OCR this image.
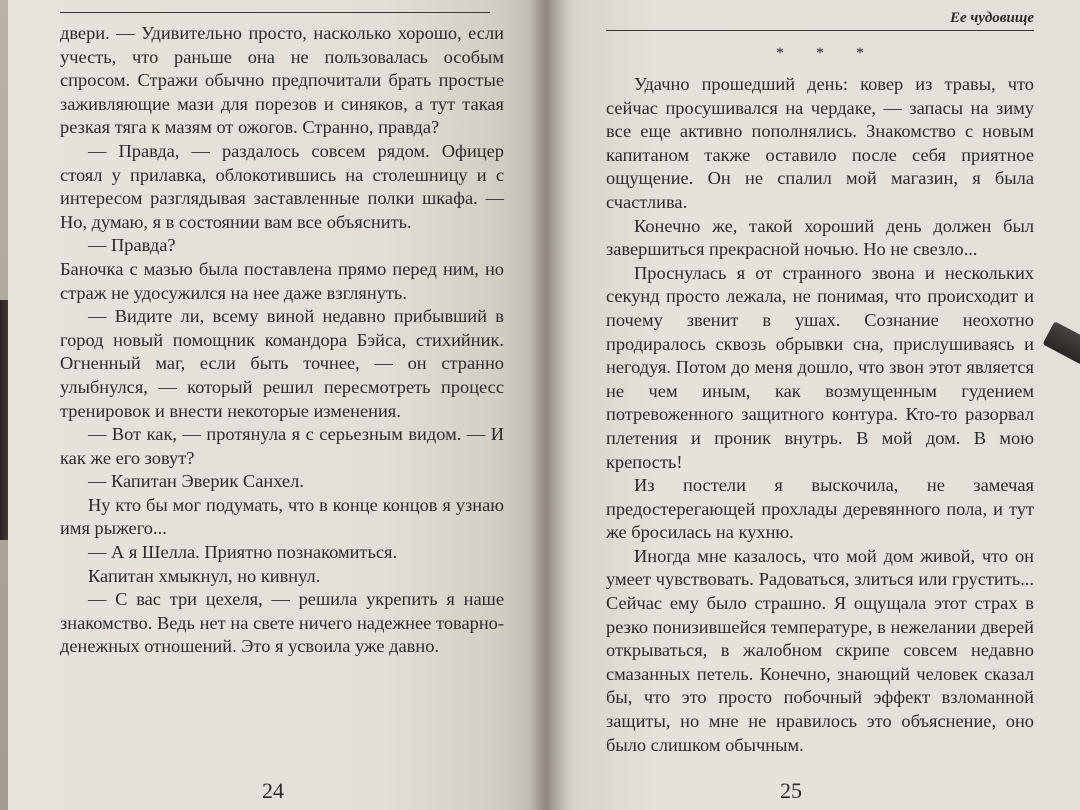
двери. — Удивительно просто, насколько хорошо, если учесть, что раньше она не пользовалась особым спросом. Стражи обычно предпочитали брать простые заживляющие мази для порезов и синяков, а тут такая резкая тяга к мазям от ожогов. Странно, правда?

— Правда, — раздалось совсем рядом. Офицер стоял у прилавка, облокотившись на столешницу и с интересом разглядывая заставленные полки шкафа. — Но, думаю, я в состоянии вам все объяснить.

— Правда?

Баночка с мазью была поставлена прямо перед ним, но страж не удосужился на нее даже взглянуть.

— Видите ли, всему виной недавно прибывший в город новый помощник командора Бэйса, стихийник. Огненный маг, если быть точнее, — он странно улыбнулся, — который решил пересмотреть процесс тренировок и внести некоторые изменения.

— Вот как, — протянула я с серьезным видом. — И как же его зовут?

— Капитан Эверик Санхел.

Ну кто бы мог подумать, что в конце концов я узнаю имя рыжего...

— А я Шелла. Приятно познакомиться.

Капитан хмыкнул, но кивнул.

— С вас три цехеля, — решила укрепить я наше знакомство. Ведь нет на свете ничего надежнее товарно-денежных отношений. Это я усвоила уже давно.

24
Ее чудовище
* * *

Удачно прошедший день: ковер из травы, что сейчас просушивался на чердаке, — запасы на зиму все еще активно пополнялись. Знакомство с новым капитаном также оставило после себя приятное ощущение. Он не спалил мой магазин, я была счастлива.

Конечно же, такой хороший день должен был завершиться прекрасной ночью. Но не свезло...

Проснулась я от странного звона и нескольких секунд просто лежала, не понимая, что происходит и почему звенит в ушах. Сознание неохотно продиралось сквозь обрывки сна, прислушиваясь и негодуя. Потом до меня дошло, что звон этот является не чем иным, как возмущенным гудением потревоженного защитного контура. Кто-то разорвал плетения и проник внутрь. В мой дом. В мою крепость!

Из постели я выскочила, не замечая предостерегающей прохлады деревянного пола, и тут же бросилась на кухню.

Иногда мне казалось, что мой дом живой, что он умеет чувствовать. Радоваться, злиться или грустить... Сейчас ему было страшно. Я ощущала этот страх в резко понизившейся температуре, в нежелании дверей открываться, в жалобном скрипе совсем недавно смазанных петель. Конечно, знающий человек сказал бы, что это просто побочный эффект взломанной защиты, но мне не нравилось это объяснение, оно было слишком обычным.

25
